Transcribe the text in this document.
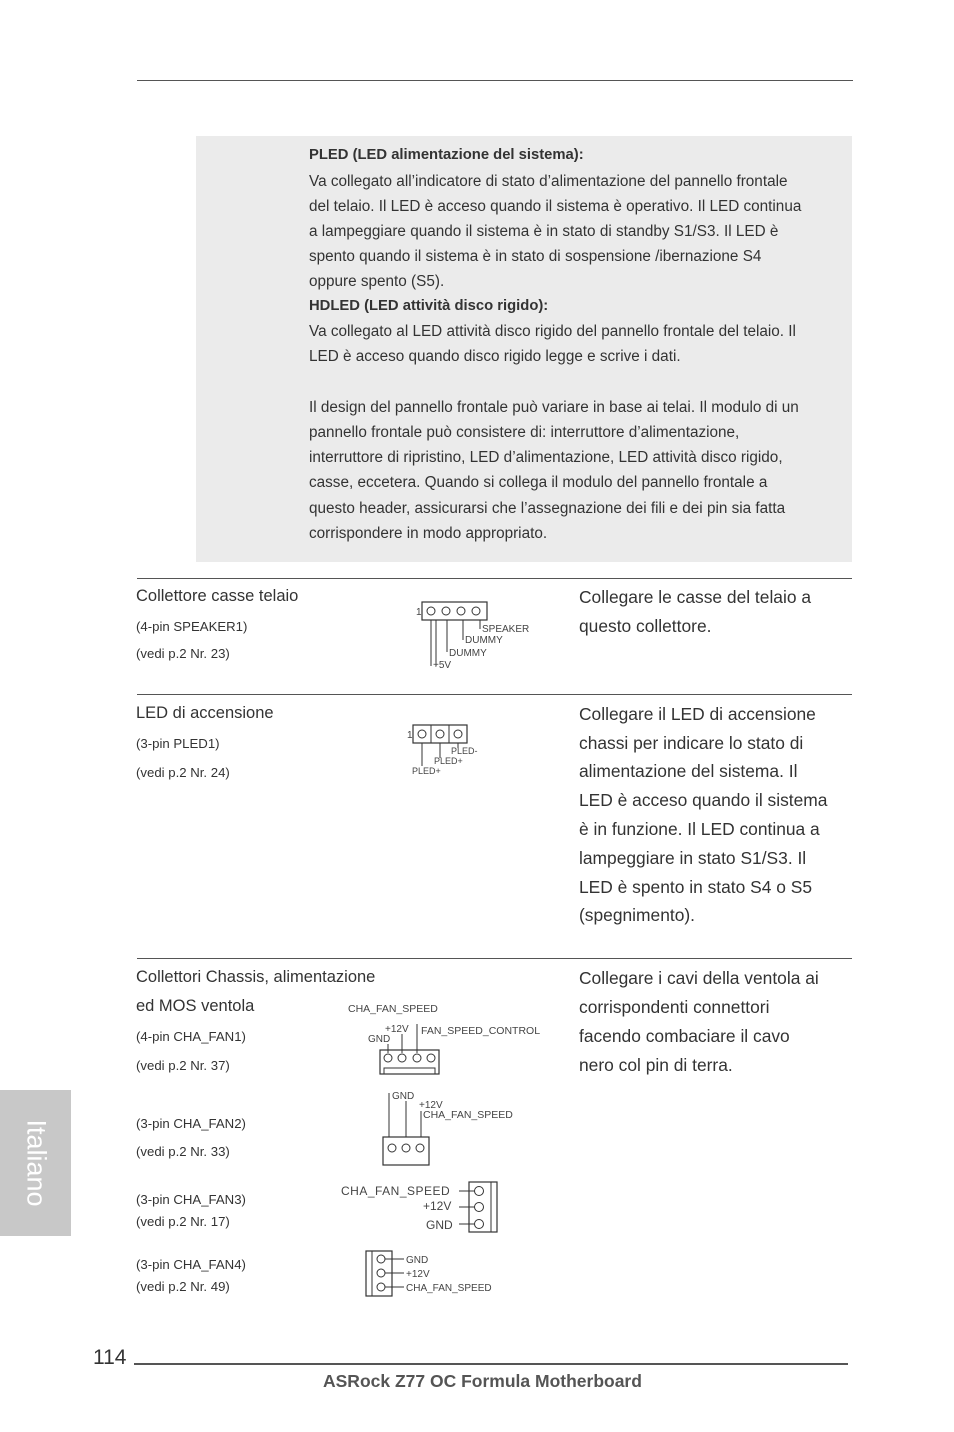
PLED (LED alimentazione del sistema):
Va collegato all’indicatore di stato d’alimentazione del pannello frontale
del telaio. Il LED è acceso quando il sistema è operativo. Il LED continua
a lampeggiare quando il sistema è in stato di standby S1/S3. Il LED è
spento quando il sistema è in stato di sospensione /ibernazione S4
oppure spento (S5).
HDLED (LED attività disco rigido):
Va collegato al LED attività disco rigido del pannello frontale del telaio. Il
LED è acceso quando disco rigido legge e scrive i dati.
Il design del pannello frontale può variare in base ai telai. Il modulo di un
pannello frontale può consistere di: interruttore d’alimentazione,
interruttore di ripristino, LED d’alimentazione, LED attività disco rigido,
casse, eccetera. Quando si collega il modulo del pannello frontale a
questo header, assicurarsi che l’assegnazione dei fili e dei pin sia fatta
corrispondere in modo appropriato.
Collettore casse telaio
(4-pin SPEAKER1)
(vedi p.2 Nr. 23)
Collegare le casse del telaio a
questo collettore.
1
SPEAKER
DUMMY
DUMMY
+5V
LED di accensione
(3-pin PLED1)
(vedi p.2 Nr. 24)
Collegare il LED di accensione
chassi per indicare lo stato di
alimentazione del sistema. Il
LED è acceso quando il sistema
è in funzione. Il LED continua a
lampeggiare in stato S1/S3. Il
LED è spento in stato S4 o S5
(spegnimento).
1
PLED-
PLED+
PLED+
Collettori Chassis, alimentazione
ed MOS ventola
(4-pin CHA_FAN1)
(vedi p.2 Nr. 37)
(3-pin CHA_FAN2)
(vedi p.2 Nr. 33)
(3-pin CHA_FAN3)
(vedi p.2 Nr. 17)
(3-pin CHA_FAN4)
(vedi p.2 Nr. 49)
Collegare i cavi della ventola ai
corrispondenti connettori
facendo combaciare il cavo
nero col pin di terra.
CHA_FAN_SPEED
+12V FAN_SPEED_CONTROL
GND
GND
+12V
CHA_FAN_SPEED
CHA_FAN_SPEED
+12V
GND
GND
+12V
CHA_FAN_SPEED
Italiano
114
ASRock Z77 OC Formula Motherboard
